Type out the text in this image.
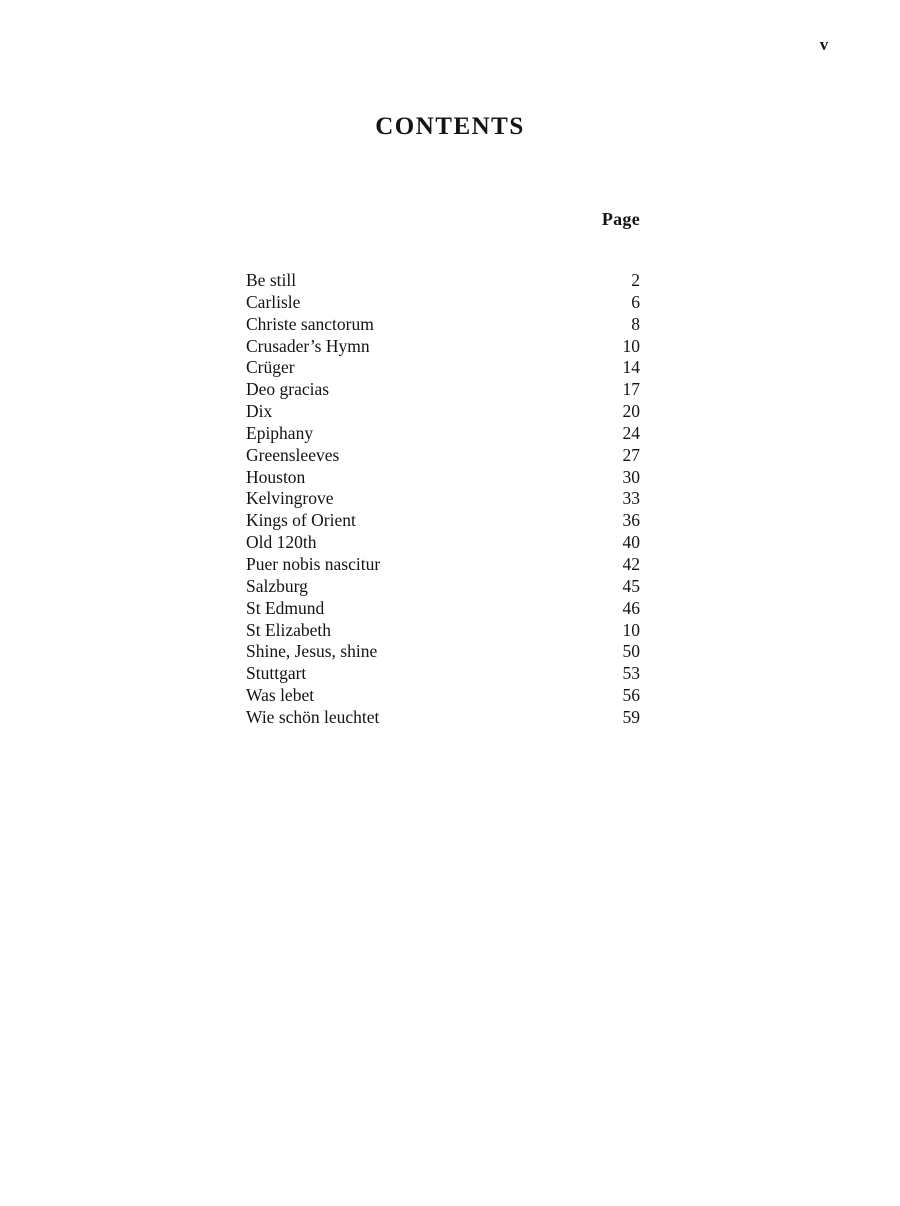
v
CONTENTS
Page
Be still	2
Carlisle	6
Christe sanctorum	8
Crusader’s Hymn	10
Crüger	14
Deo gracias	17
Dix	20
Epiphany	24
Greensleeves	27
Houston	30
Kelvingrove	33
Kings of Orient	36
Old 120th	40
Puer nobis nascitur	42
Salzburg	45
St Edmund	46
St Elizabeth	10
Shine, Jesus, shine	50
Stuttgart	53
Was lebet	56
Wie schön leuchtet	59
